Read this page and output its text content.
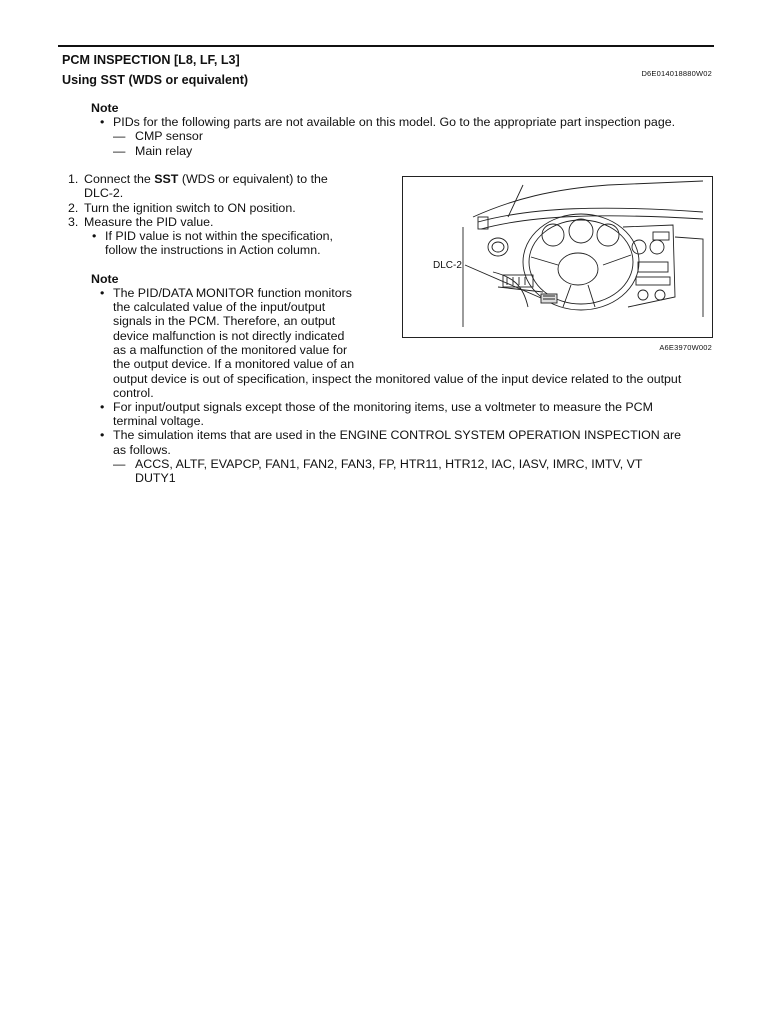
PCM INSPECTION [L8, LF, L3]
Using SST (WDS or equivalent)	D6E014018880W02
Note
• PIDs for the following parts are not available on this model. Go to the appropriate part inspection page.
— CMP sensor
— Main relay
1. Connect the SST (WDS or equivalent) to the
DLC-2.
2. Turn the ignition switch to ON position.
3. Measure the PID value.
• If PID value is not within the specification,
follow the instructions in Action column.
Note
• The PID/DATA MONITOR function monitors
the calculated value of the input/output
signals in the PCM. Therefore, an output
device malfunction is not directly indicated
as a malfunction of the monitored value for
the output device. If a monitored value of an
output device is out of specification, inspect the monitored value of the input device related to the output
control.
• For input/output signals except those of the monitoring items, use a voltmeter to measure the PCM
terminal voltage.
• The simulation items that are used in the ENGINE CONTROL SYSTEM OPERATION INSPECTION are
as follows.
— ACCS, ALTF, EVAPCP, FAN1, FAN2, FAN3, FP, HTR11, HTR12, IAC, IASV, IMRC, IMTV, VT
DUTY1
DLC-2
A6E3970W002
